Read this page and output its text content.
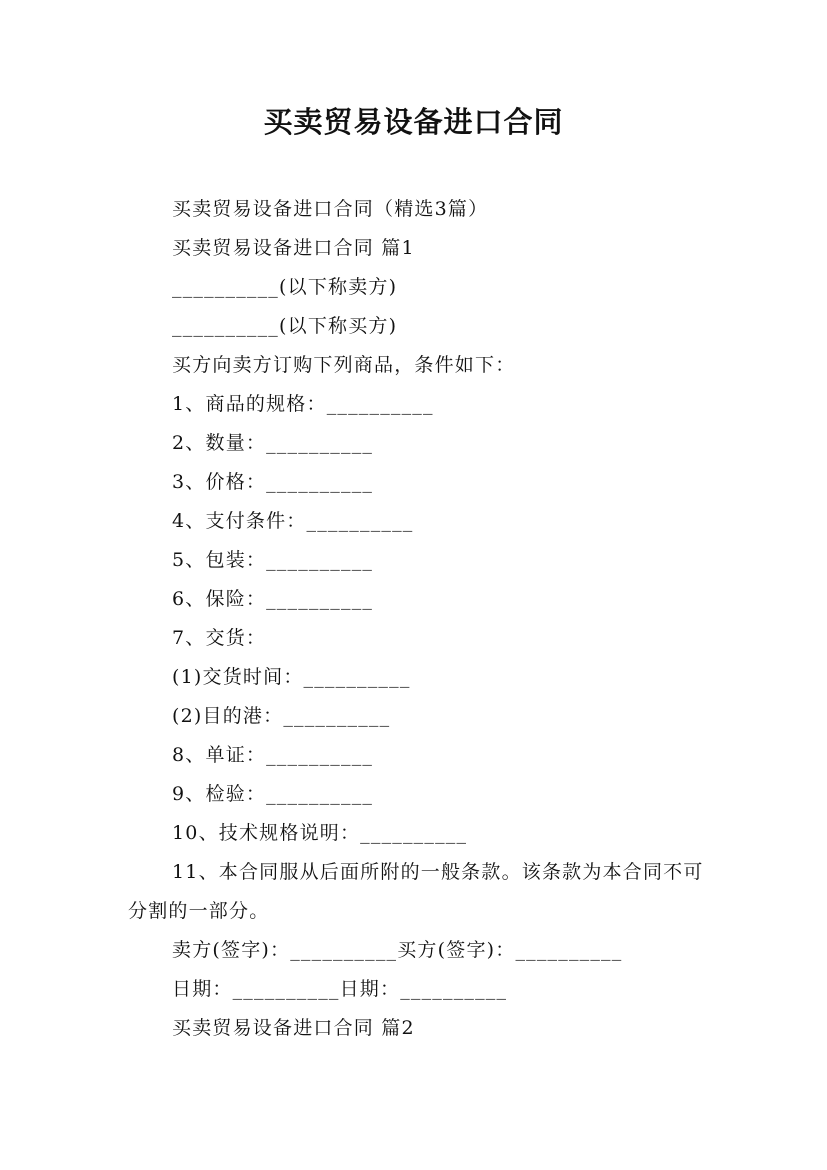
买卖贸易设备进口合同

买卖贸易设备进口合同（精选3篇）

买卖贸易设备进口合同 篇1

__________(以下称卖方)

__________(以下称买方)

买方向卖方订购下列商品，条件如下：

1、商品的规格：__________

2、数量：__________

3、价格：__________

4、支付条件：__________

5、包装：__________

6、保险：__________

7、交货：

(1)交货时间：__________

(2)目的港：__________

8、单证：__________

9、检验：__________

10、技术规格说明：__________

11、本合同服从后面所附的一般条款。该条款为本合同不可分割的一部分。

卖方(签字)：__________买方(签字)：__________

日期：__________日期：__________

买卖贸易设备进口合同 篇2
